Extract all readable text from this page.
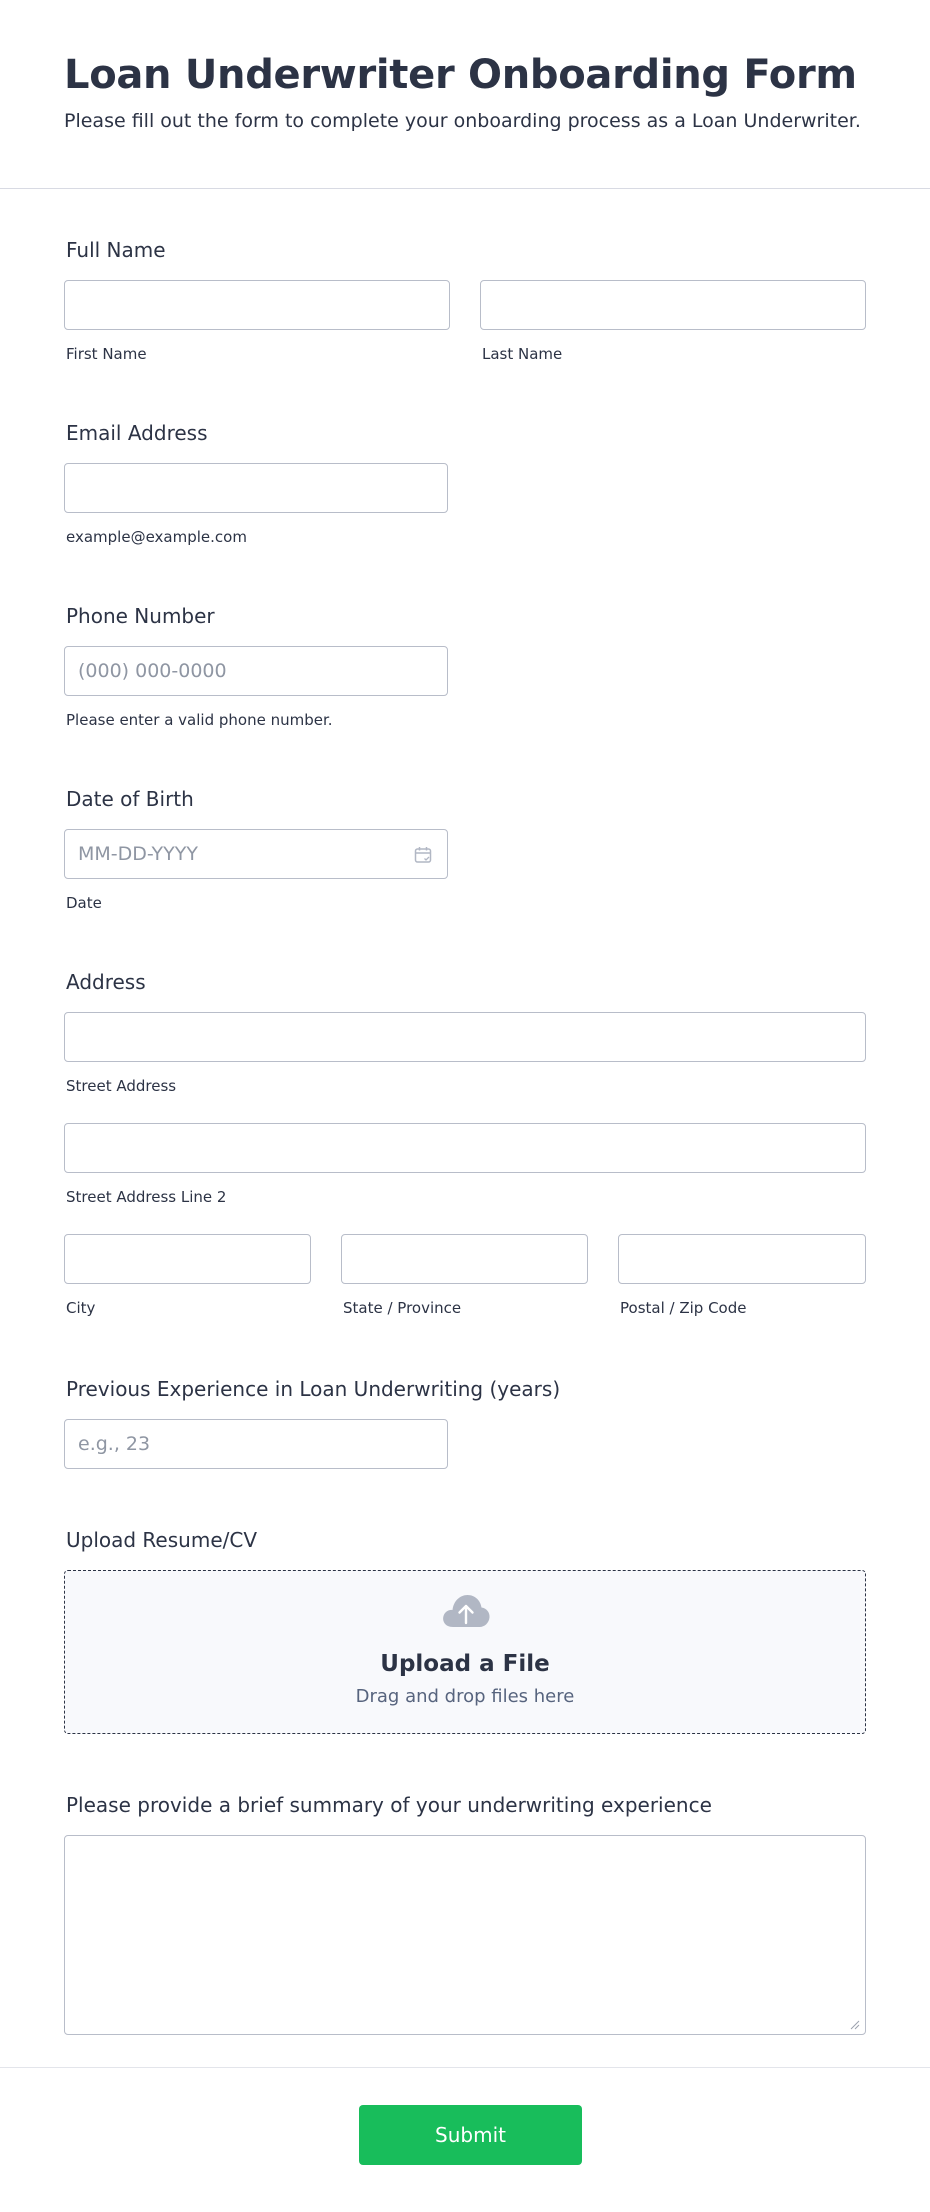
Loan Underwriter Onboarding Form

Please fill out the form to complete your onboarding process as a Loan Underwriter.

Full Name
First Name	Last Name
Email Address
example@example.com
Phone Number
(000) 000-0000
Please enter a valid phone number.
Date of Birth
MM-DD-YYYY
Date
Address
Street Address
Street Address Line 2
City	State / Province	Postal / Zip Code
Previous Experience in Loan Underwriting (years)
e.g., 23
Upload Resume/CV
Upload a File
Drag and drop files here
Please provide a brief summary of your underwriting experience
Submit
